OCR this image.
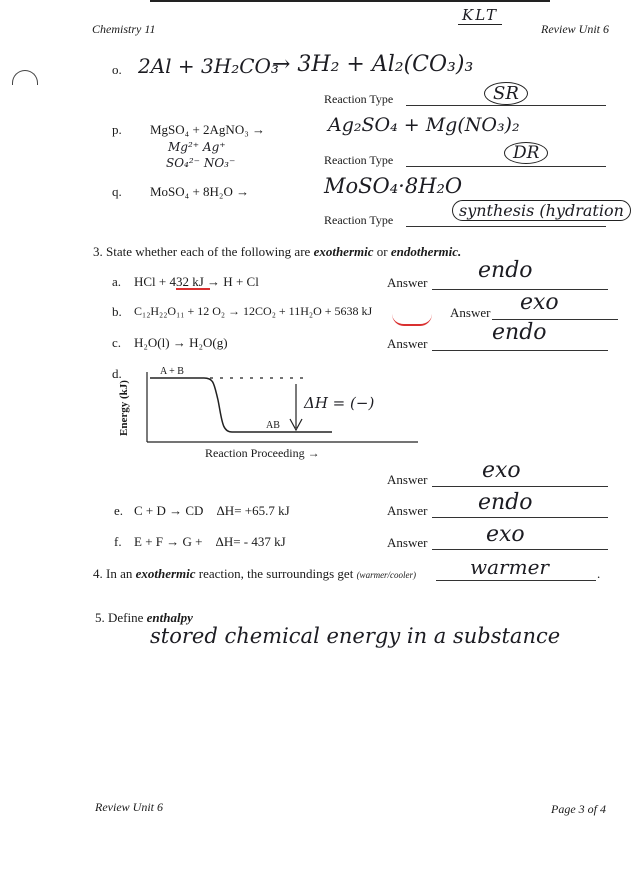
Chemistry 11	Review Unit 6
KLT
o. 2Al + 3H₂CO₃
→ 3H₂ + Al₂(CO₃)₃
Reaction Type	SR
p. MgSO₄ + 2AgNO₃ →	Ag₂SO₄ + Mg(NO₃)₂
Mg²⁺ Ag⁺
SO₄²⁻ NO₃⁻	Reaction Type	DR
q. MoSO₄ + 8H₂O →	MoSO₄·8H₂O
Reaction Type	synthesis (hydration
3. State whether each of the following are exothermic or endothermic.
a. HCl + 432 kJ → H + Cl	Answer endo
b. C₁₂H₂₂O₁₁ + 12 O₂ → 12CO₂ + 11H₂O + 5638 kJ	Answer exo
c. H₂O(l) → H₂O(g)	Answer	endo
d.
Energy (kJ)
A + B
AB
ΔH = (−)
Reaction Proceeding →
Answer exo
e. C + D → CD    ΔH= +65.7 kJ	Answer endo
f. E + F → G +    ΔH= - 437 kJ	Answer	exo
4. In an exothermic reaction, the surroundings get (warmer/cooler)	.
warmer
5. Define enthalpy
stored chemical energy in a substance
Review Unit 6	Page 3 of 4
